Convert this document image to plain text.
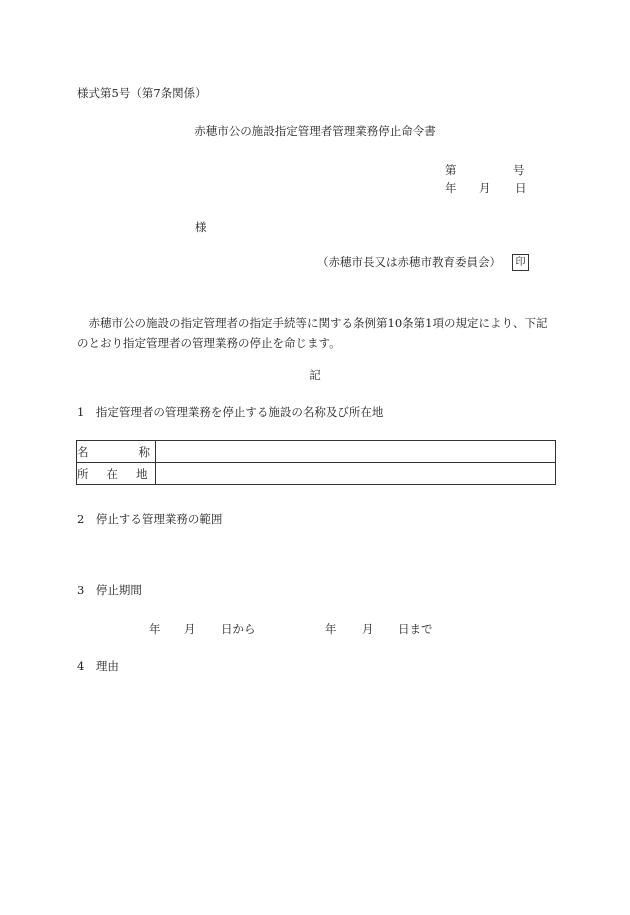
様式第5号（第7条関係）
赤穂市公の施設指定管理者管理業務停止命令書
第	号
年 月 日
様
（赤穂市長又は赤穂市教育委員会）	印
赤穂市公の施設の指定管理者の指定手続等に関する条例第10条第1項の規定により、下記のとおり指定管理者の管理業務の停止を命じます。
記
1　指定管理者の管理業務を停止する施設の名称及び所在地
名 称	
所 在 地	
2　停止する管理業務の範囲
3　停止期間
年 月 日から	年 月 日まで
4　理由
